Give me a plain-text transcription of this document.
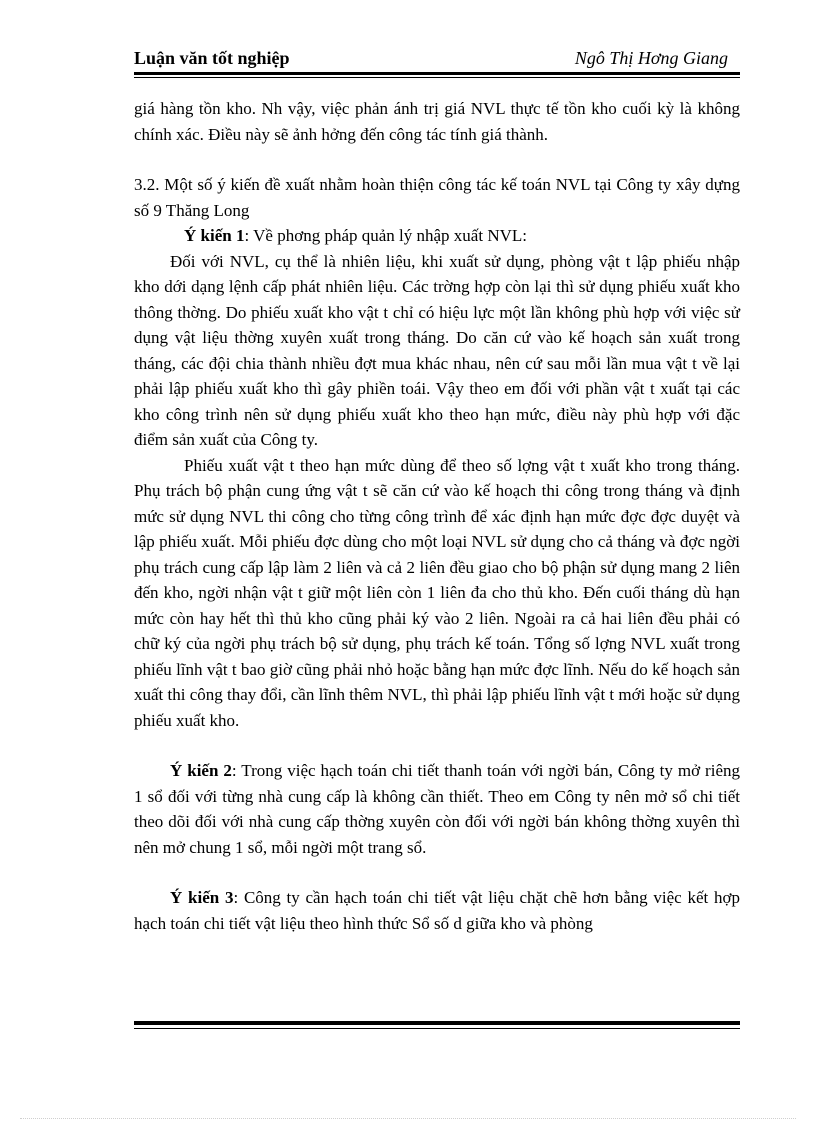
Luận văn tốt nghiệp	Ngô Thị Hơng Giang

giá hàng tồn kho. Nh vậy, việc phản ánh trị giá NVL thực tế tồn kho cuối kỳ là không chính xác. Điều này sẽ ảnh hởng đến công tác tính giá thành.

3.2. Một số ý kiến đề xuất nhằm hoàn thiện công tác kế toán NVL tại Công ty xây dựng số 9 Thăng Long

Ý kiến 1: Về phơng pháp quản lý nhập xuất NVL:

Đối với NVL, cụ thể là nhiên liệu, khi xuất sử dụng, phòng vật t lập phiếu nhập kho dới dạng lệnh cấp phát nhiên liệu. Các trờng hợp còn lại thì sử dụng phiếu xuất kho thông thờng. Do phiếu xuất kho vật t chỉ có hiệu lực một lần không phù hợp với việc sử dụng vật liệu thờng xuyên xuất trong tháng. Do căn cứ vào kế hoạch sản xuất trong tháng, các đội chia thành nhiều đợt mua khác nhau, nên cứ sau mỗi lần mua vật t về lại phải lập phiếu xuất kho thì gây phiền toái. Vậy theo em đối với phần vật t xuất tại các kho công trình nên sử dụng phiếu xuất kho theo hạn mức, điều này phù hợp với đặc điểm sản xuất của Công ty.

Phiếu xuất vật t theo hạn mức dùng để theo số lợng vật t xuất kho trong tháng. Phụ trách bộ phận cung ứng vật t sẽ căn cứ vào kế hoạch thi công trong tháng và định mức sử dụng NVL thi công cho từng công trình để xác định hạn mức đợc đợc duyệt và lập phiếu xuất. Mỗi phiếu đợc dùng cho một loại NVL sử dụng cho cả tháng và đợc ngời phụ trách cung cấp lập làm 2 liên và cả 2 liên đều giao cho bộ phận sử dụng mang 2 liên đến kho, ngời nhận vật t giữ một liên còn 1 liên đa cho thủ kho. Đến cuối tháng dù hạn mức còn hay hết thì thủ kho cũng phải ký vào 2 liên. Ngoài ra cả hai liên đều phải có chữ ký của ngời phụ trách bộ sử dụng, phụ trách kế toán. Tổng số lợng NVL xuất trong phiếu lĩnh vật t bao giờ cũng phải nhỏ hoặc bằng hạn mức đợc lĩnh. Nếu do kế hoạch sản xuất thi công thay đổi, cần lĩnh thêm NVL, thì phải lập phiếu lĩnh vật t mới hoặc sử dụng phiếu xuất kho.

Ý kiến 2: Trong việc hạch toán chi tiết thanh toán với ngời bán, Công ty mở riêng 1 sổ đối với từng nhà cung cấp là không cần thiết. Theo em Công ty nên mở sổ chi tiết theo dõi đối với nhà cung cấp thờng xuyên còn đối với ngời bán không thờng xuyên thì nên mở chung 1 sổ, mỗi ngời một trang sổ.

Ý kiến 3: Công ty cần hạch toán chi tiết vật liệu chặt chẽ hơn bằng việc kết hợp hạch toán chi tiết vật liệu theo hình thức Sổ số d giữa kho và phòng
